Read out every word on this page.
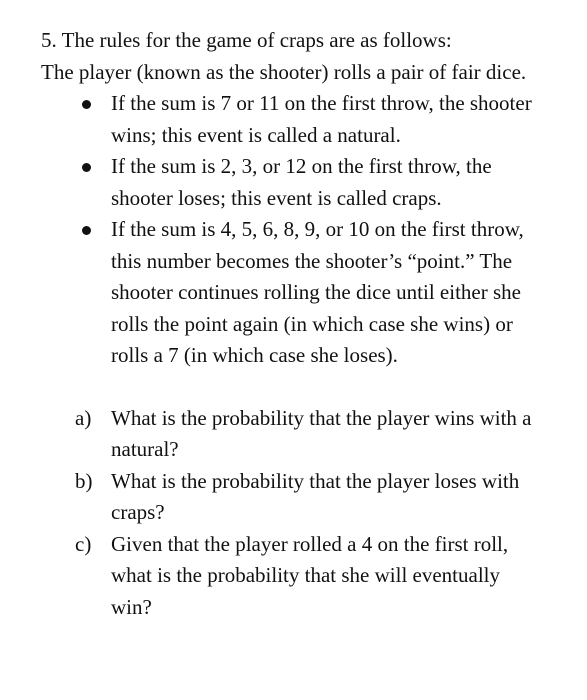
5. The rules for the game of craps are as follows:

The player (known as the shooter) rolls a pair of fair dice.

If the sum is 7 or 11 on the first throw, the shooter wins; this event is called a natural.
If the sum is 2, 3, or 12 on the first throw, the shooter loses; this event is called craps.
If the sum is 4, 5, 6, 8, 9, or 10 on the first throw, this number becomes the shooter’s “point.” The shooter continues rolling the dice until either she rolls the point again (in which case she wins) or rolls a 7 (in which case she loses).
a) What is the probability that the player wins with a natural?
b) What is the probability that the player loses with craps?
c) Given that the player rolled a 4 on the first roll, what is the probability that she will eventually win?
